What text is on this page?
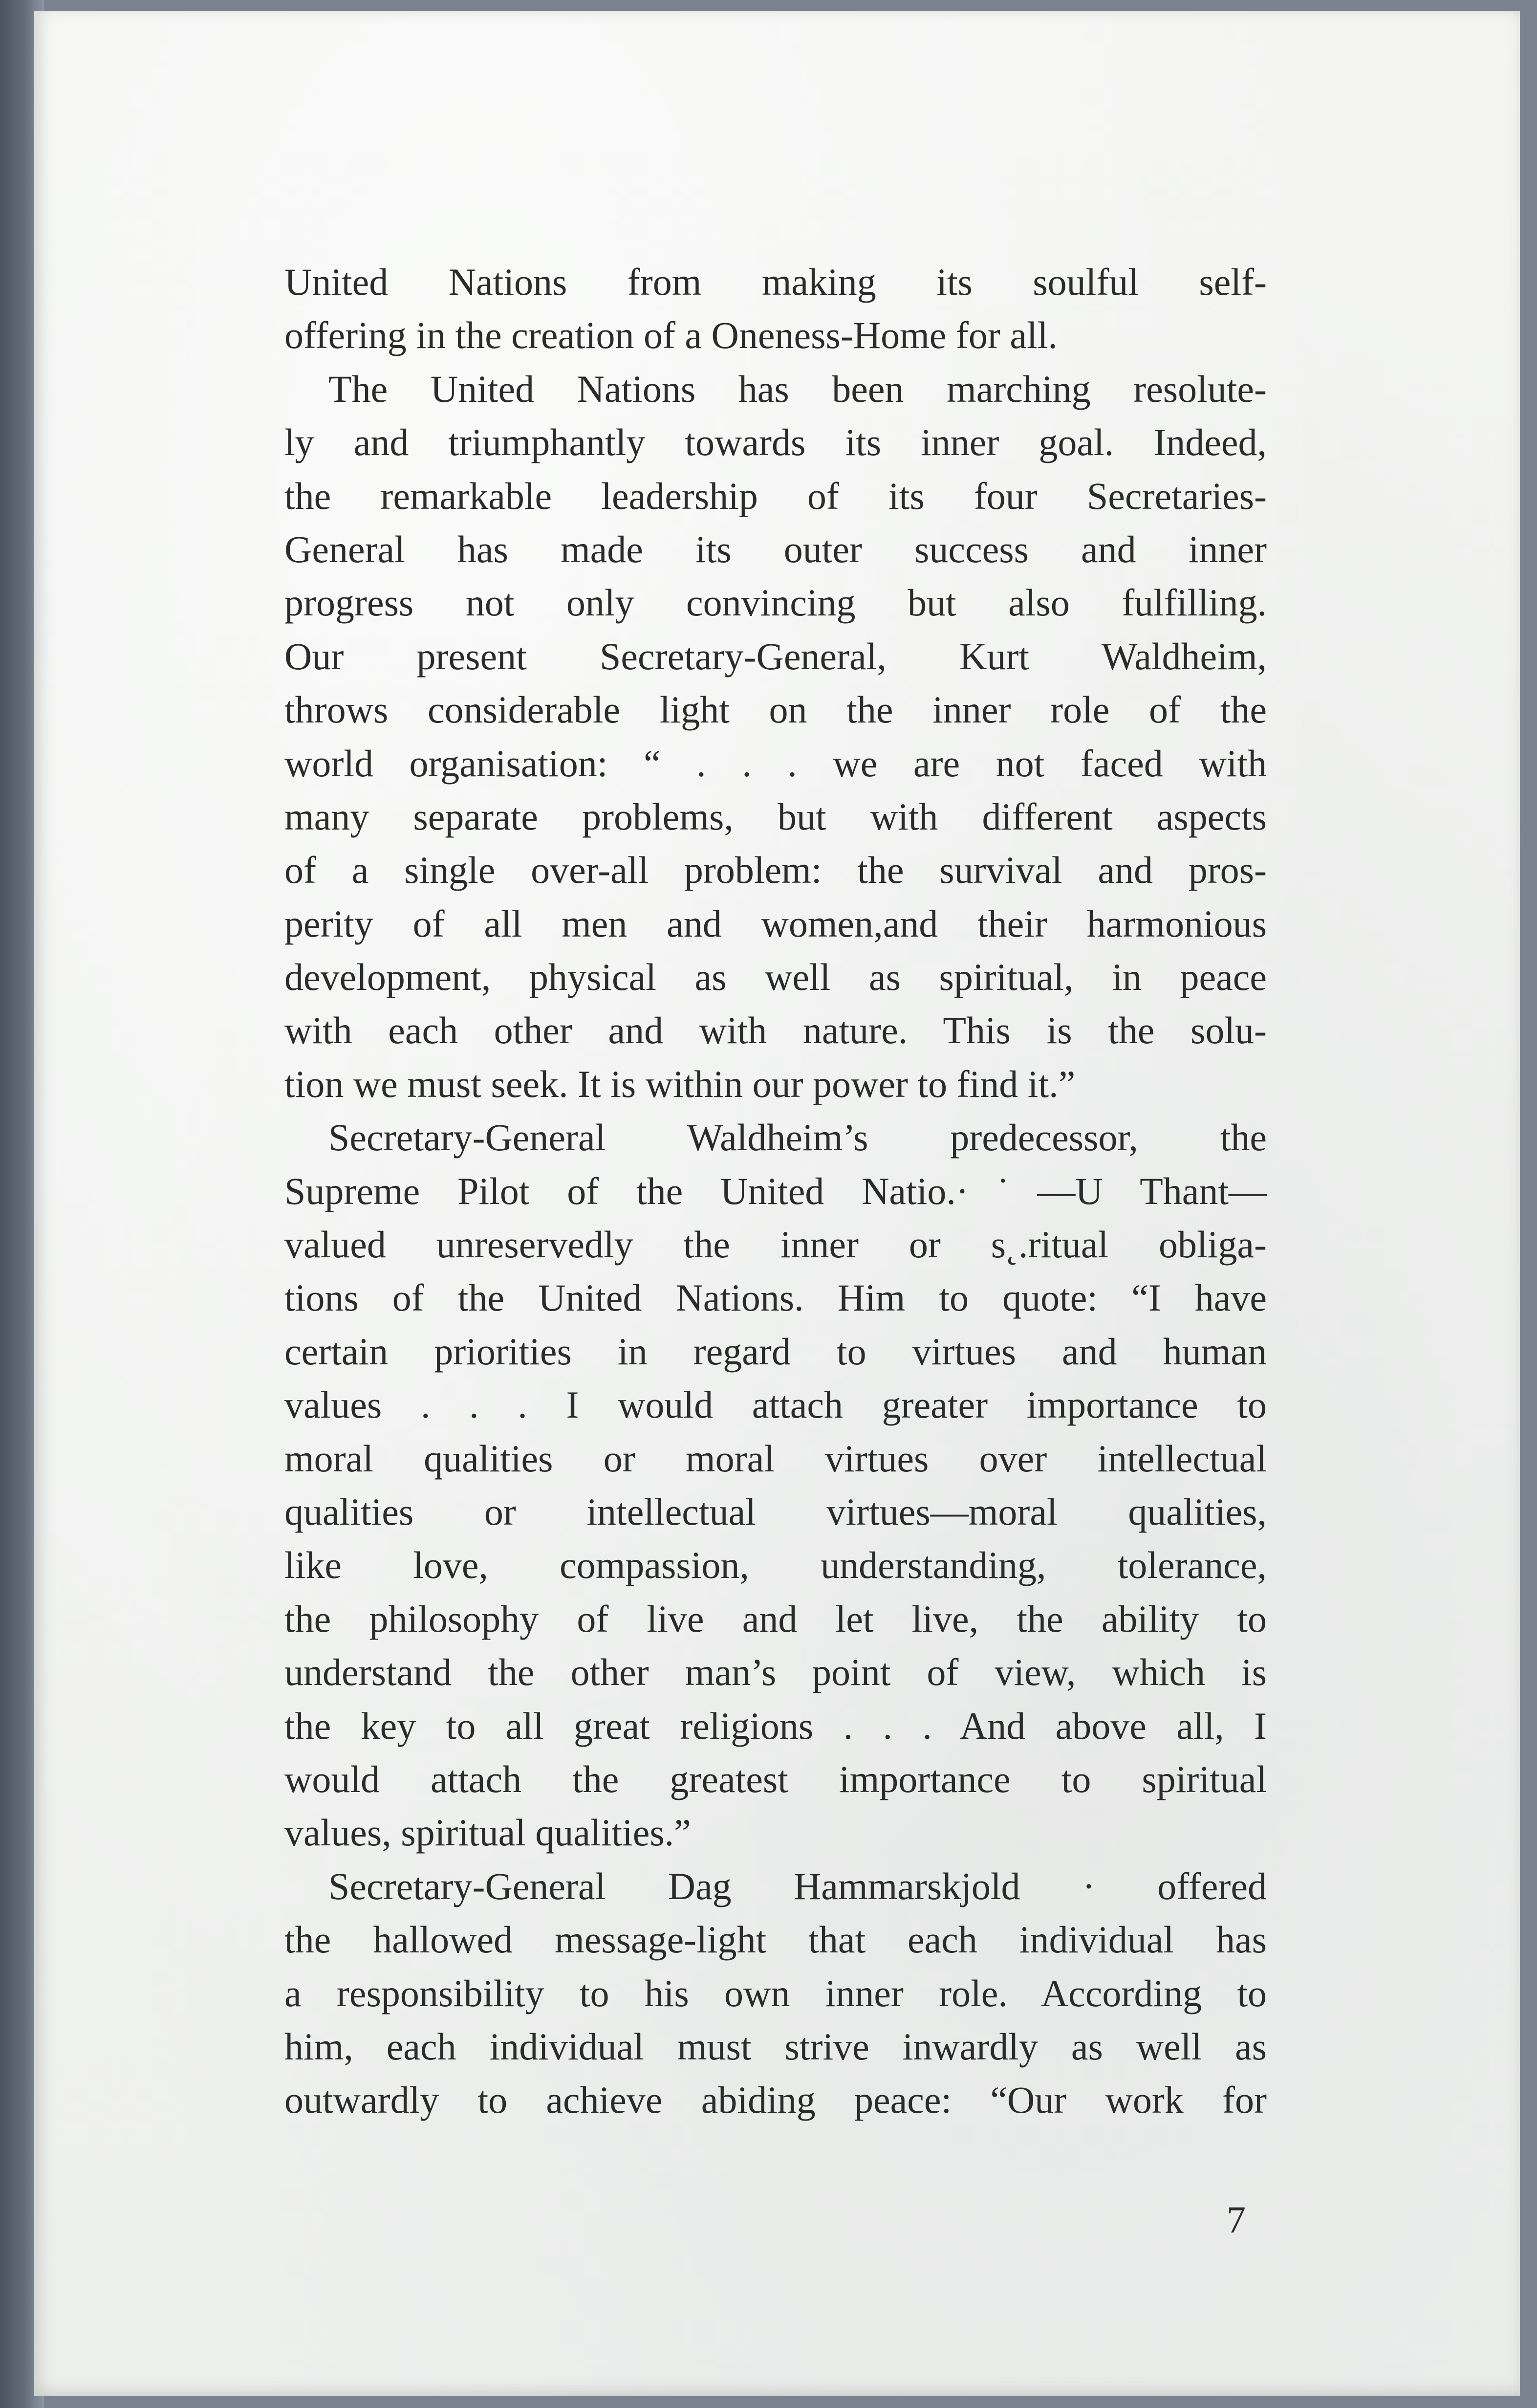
United Nations from making its soulful self-
offering in the creation of a Oneness-Home for all.
The United Nations has been marching resolute-
ly and triumphantly towards its inner goal. Indeed,
the remarkable leadership of its four Secretaries-
General has made its outer success and inner
progress not only convincing but also fulfilling.
Our present Secretary-General, Kurt Waldheim,
throws considerable light on the inner role of the
world organisation: “ . . . we are not faced with
many separate problems, but with different aspects
of a single over-all problem: the survival and pros-
perity of all men and women,and their harmonious
development, physical as well as spiritual, in peace
with each other and with nature. This is the solu-
tion we must seek. It is within our power to find it.”
Secretary-General Waldheim’s predecessor, the
Supreme Pilot of the United Natio.·˙—U Thant—
valued unreservedly the inner or s˛.ritual obliga-
tions of the United Nations. Him to quote: “I have
certain priorities in regard to virtues and human
values . . . I would attach greater importance to
moral qualities or moral virtues over intellectual
qualities or intellectual virtues—moral qualities,
like love, compassion, understanding, tolerance,
the philosophy of live and let live, the ability to
understand the other man’s point of view, which is
the key to all great religions . . . And above all, I
would attach the greatest importance to spiritual
values, spiritual qualities.”
Secretary-General Dag Hammarskjold · offered
the hallowed message-light that each individual has
a responsibility to his own inner role. According to
him, each individual must strive inwardly as well as
outwardly to achieve abiding peace: “Our work for
7
